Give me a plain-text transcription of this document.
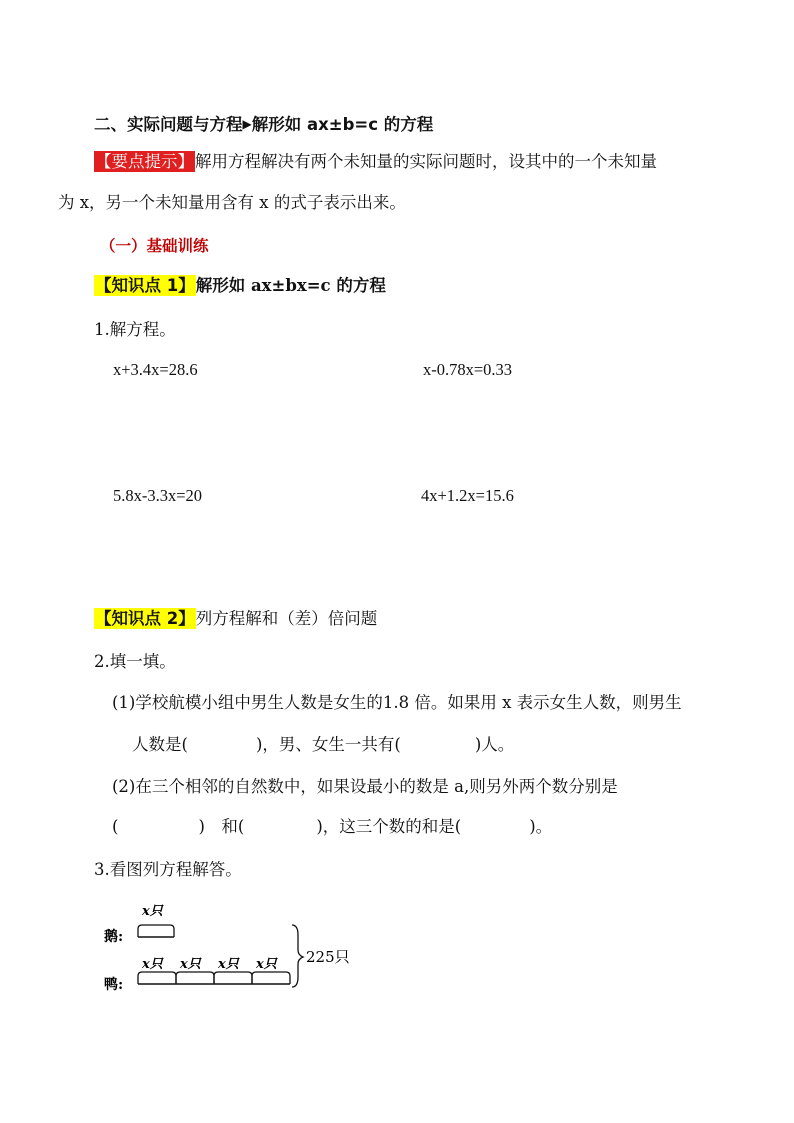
二、实际问题与方程▶解形如 ax±b=c 的方程
【要点提示】解用方程解决有两个未知量的实际问题时，设其中的一个未知量
为 x，另一个未知量用含有 x 的式子表示出来。
（一）基础训练
【知识点 1】解形如 ax±bx=c 的方程
1.解方程。
x+3.4x=28.6	x-0.78x=0.33
5.8x-3.3x=20	4x+1.2x=15.6
【知识点 2】列方程解和（差）倍问题
2.填一填。
(1)学校航模小组中男生人数是女生的1.8 倍。如果用 x 表示女生人数，则男生
人数是(	)，男、女生一共有(	)人。
(2)在三个相邻的自然数中，如果设最小的数是 a,则另外两个数分别是
(	)　和(	)，这三个数的和是(	)。
3.看图列方程解答。
鹅:
x只
鸭:
x只 x只 x只 x只 225只
